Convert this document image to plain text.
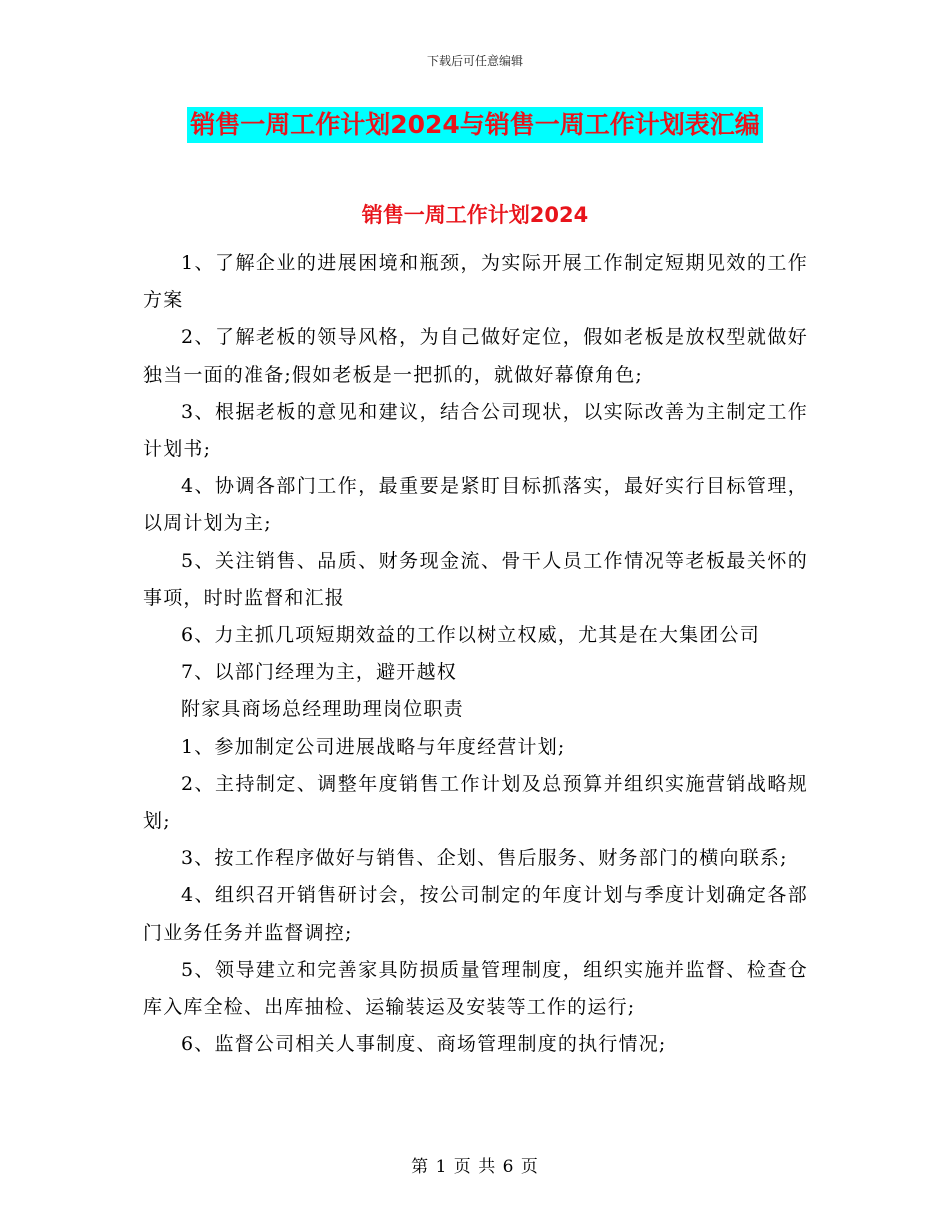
下载后可任意编辑
销售一周工作计划2024与销售一周工作计划表汇编
销售一周工作计划2024

1、了解企业的进展困境和瓶颈，为实际开展工作制定短期见效的工作方案

2、了解老板的领导风格，为自己做好定位，假如老板是放权型就做好独当一面的准备;假如老板是一把抓的，就做好幕僚角色;

3、根据老板的意见和建议，结合公司现状，以实际改善为主制定工作计划书;

4、协调各部门工作，最重要是紧盯目标抓落实，最好实行目标管理，以周计划为主;

5、关注销售、品质、财务现金流、骨干人员工作情况等老板最关怀的事项，时时监督和汇报

6、力主抓几项短期效益的工作以树立权威，尤其是在大集团公司

7、以部门经理为主，避开越权

附家具商场总经理助理岗位职责

1、参加制定公司进展战略与年度经营计划;

2、主持制定、调整年度销售工作计划及总预算并组织实施营销战略规划;

3、按工作程序做好与销售、企划、售后服务、财务部门的横向联系;

4、组织召开销售研讨会，按公司制定的年度计划与季度计划确定各部门业务任务并监督调控;

5、领导建立和完善家具防损质量管理制度，组织实施并监督、检查仓库入库全检、出库抽检、运输装运及安装等工作的运行;

6、监督公司相关人事制度、商场管理制度的执行情况;

第 1 页 共 6 页
